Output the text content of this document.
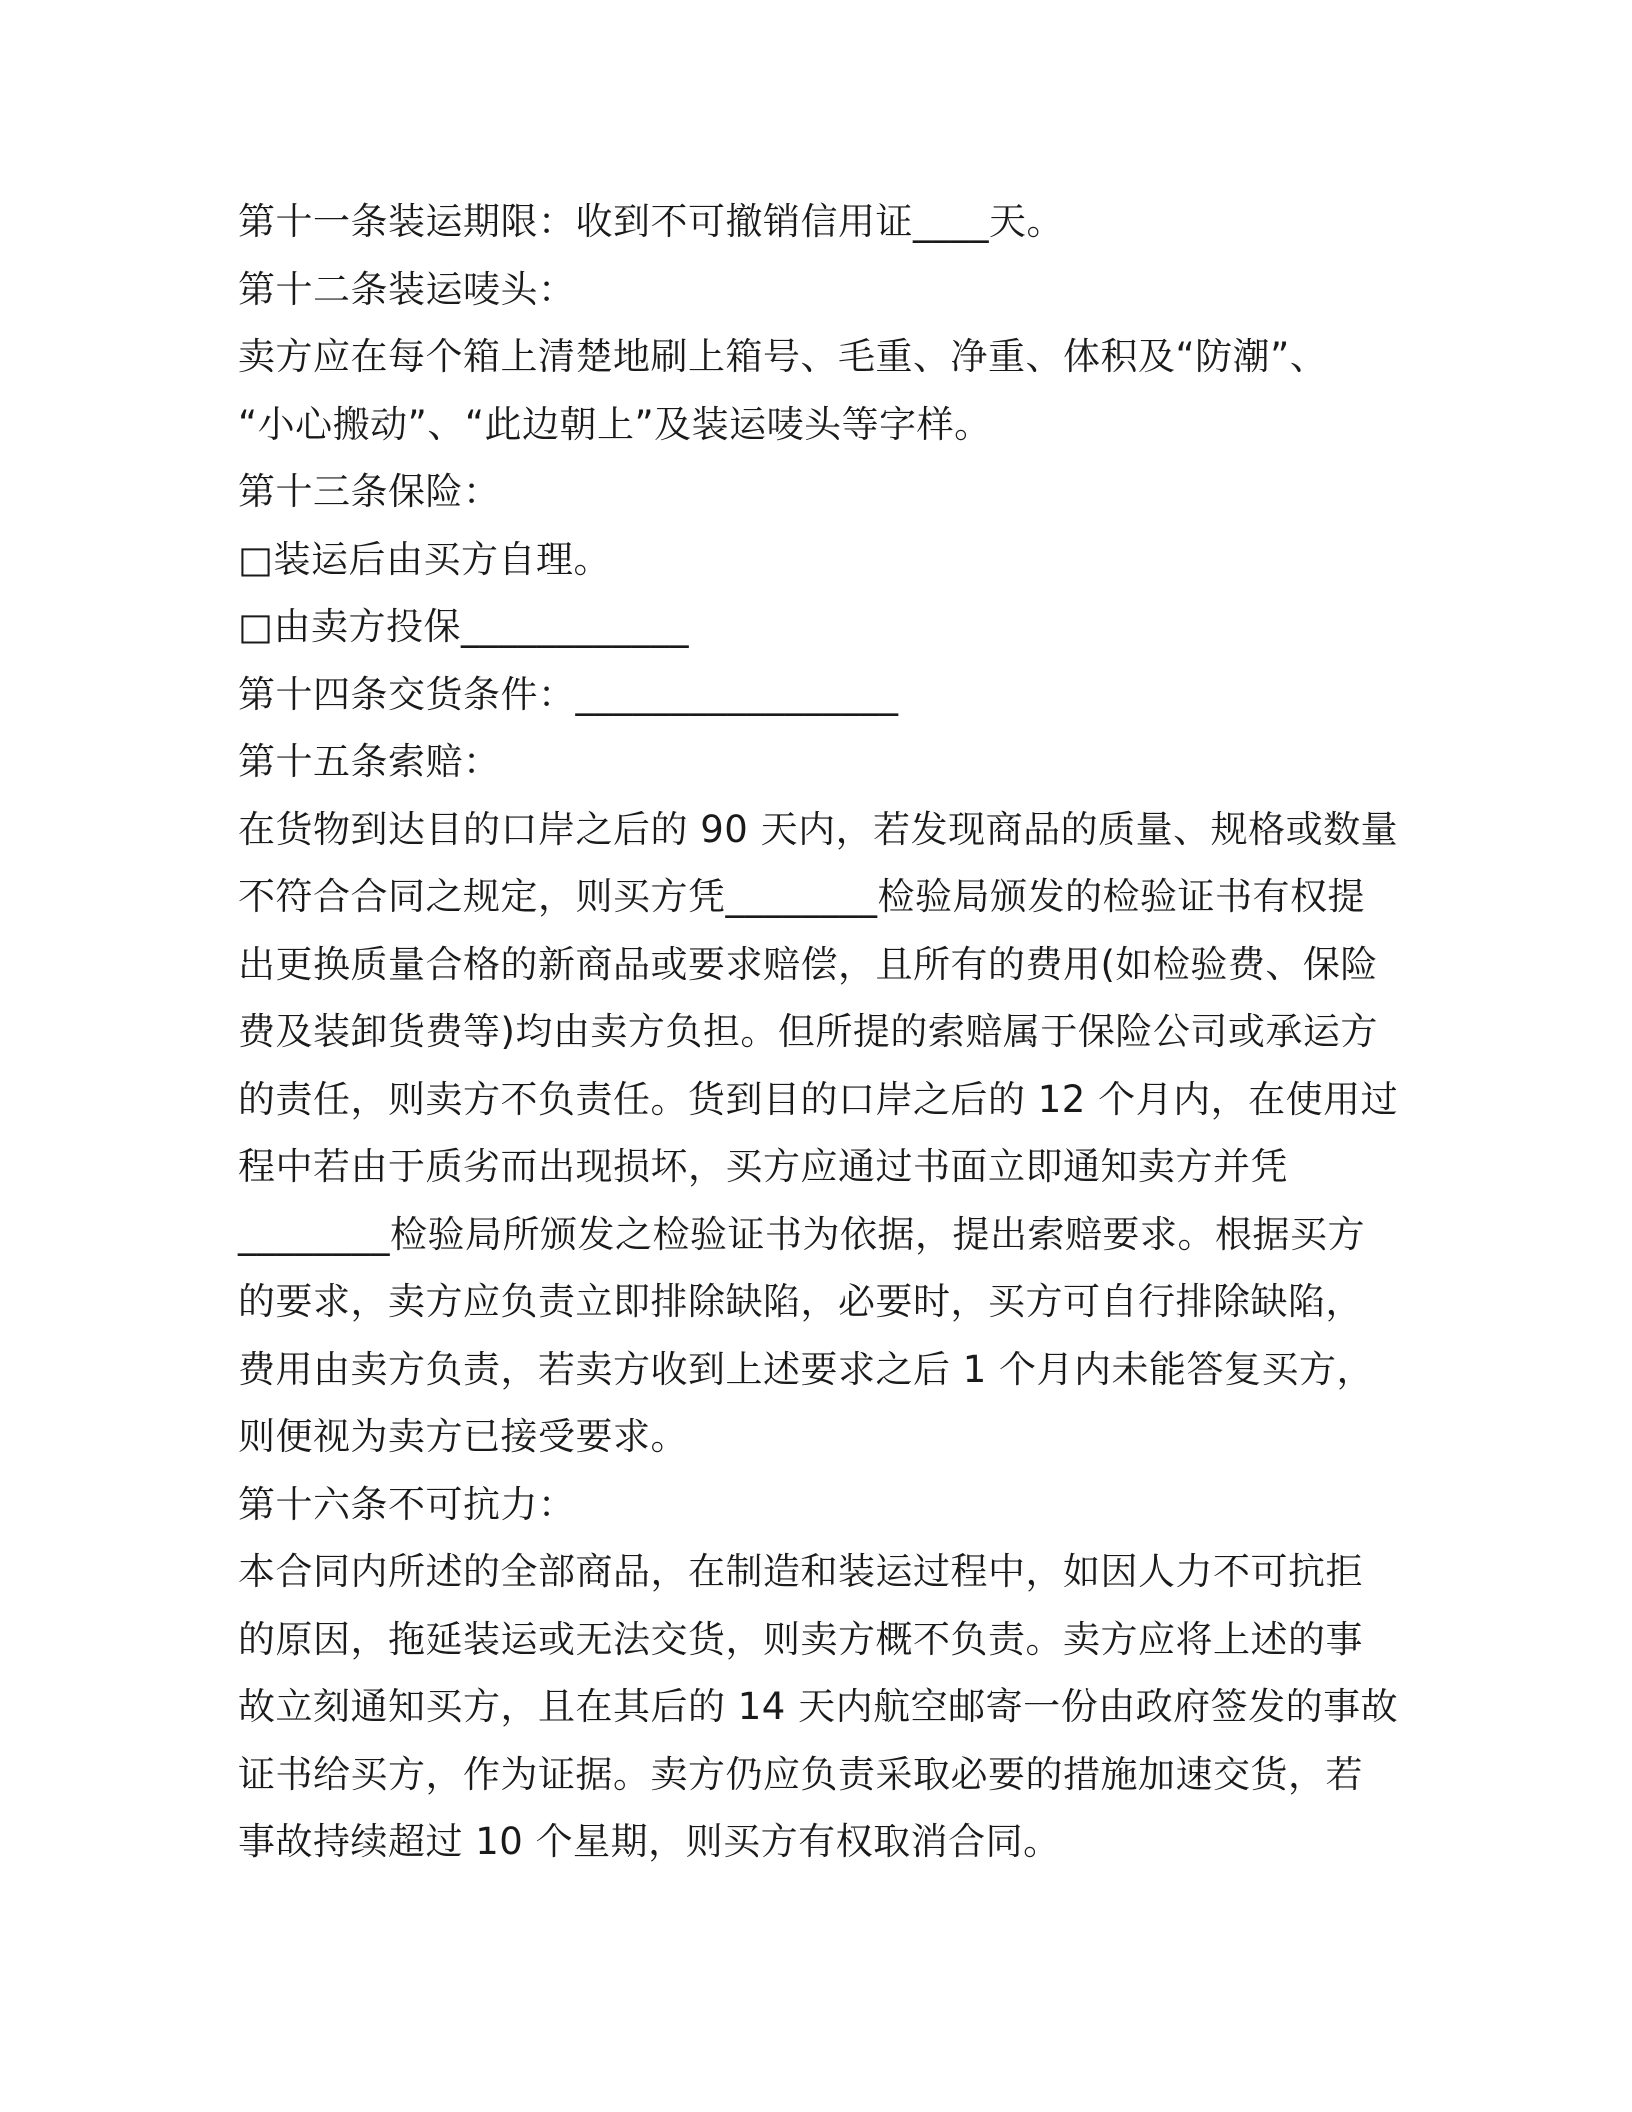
第十一条装运期限：收到不可撤销信用证____天。
第十二条装运唛头：
卖方应在每个箱上清楚地刷上箱号、毛重、净重、体积及“防潮”、
“小心搬动”、“此边朝上”及装运唛头等字样。
第十三条保险：
□装运后由买方自理。
□由卖方投保____________
第十四条交货条件：_________________
第十五条索赔：
在货物到达目的口岸之后的 90 天内，若发现商品的质量、规格或数量
不符合合同之规定，则买方凭________检验局颁发的检验证书有权提
出更换质量合格的新商品或要求赔偿，且所有的费用(如检验费、保险
费及装卸货费等)均由卖方负担。但所提的索赔属于保险公司或承运方
的责任，则卖方不负责任。货到目的口岸之后的 12 个月内，在使用过
程中若由于质劣而出现损坏，买方应通过书面立即通知卖方并凭
________检验局所颁发之检验证书为依据，提出索赔要求。根据买方
的要求，卖方应负责立即排除缺陷，必要时，买方可自行排除缺陷，
费用由卖方负责，若卖方收到上述要求之后 1 个月内未能答复买方，
则便视为卖方已接受要求。
第十六条不可抗力：
本合同内所述的全部商品，在制造和装运过程中，如因人力不可抗拒
的原因，拖延装运或无法交货，则卖方概不负责。卖方应将上述的事
故立刻通知买方，且在其后的 14 天内航空邮寄一份由政府签发的事故
证书给买方，作为证据。卖方仍应负责采取必要的措施加速交货，若
事故持续超过 10 个星期，则买方有权取消合同。
